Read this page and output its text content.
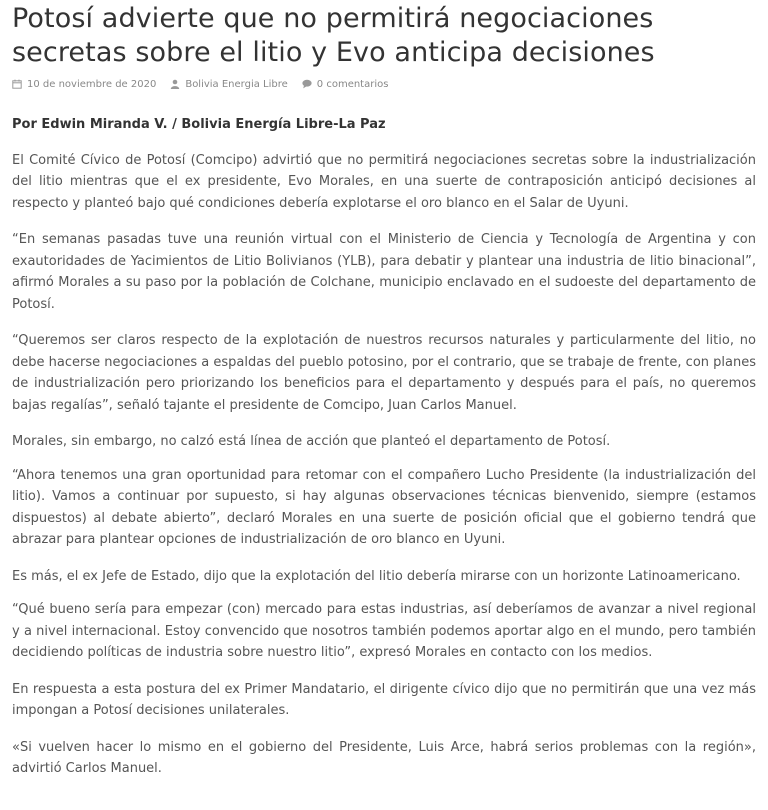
Potosí advierte que no permitirá negociaciones
secretas sobre el litio y Evo anticipa decisiones
10 de noviembre de 2020	Bolivia Energia Libre	0 comentarios

Por Edwin Miranda V. / Bolivia Energía Libre-La Paz

El Comité Cívico de Potosí (Comcipo) advirtió que no permitirá negociaciones secretas sobre la industrialización del litio mientras que el ex presidente, Evo Morales, en una suerte de contraposición anticipó decisiones al respecto y planteó bajo qué condiciones debería explotarse el oro blanco en el Salar de Uyuni.

“En semanas pasadas tuve una reunión virtual con el Ministerio de Ciencia y Tecnología de Argentina y con exautoridades de Yacimientos de Litio Bolivianos (YLB), para debatir y plantear una industria de litio binacional”, afirmó Morales a su paso por la población de Colchane, municipio enclavado en el sudoeste del departamento de Potosí.

“Queremos ser claros respecto de la explotación de nuestros recursos naturales y particularmente del litio, no debe hacerse negociaciones a espaldas del pueblo potosino, por el contrario, que se trabaje de frente, con planes de industrialización pero priorizando los beneficios para el departamento y después para el país, no queremos bajas regalías”, señaló tajante el presidente de Comcipo, Juan Carlos Manuel.

Morales, sin embargo, no calzó está línea de acción que planteó el departamento de Potosí.

“Ahora tenemos una gran oportunidad para retomar con el compañero Lucho Presidente (la industrialización del litio). Vamos a continuar por supuesto, si hay algunas observaciones técnicas bienvenido, siempre (estamos dispuestos) al debate abierto”, declaró Morales en una suerte de posición oficial que el gobierno tendrá que abrazar para plantear opciones de industrialización de oro blanco en Uyuni.

Es más, el ex Jefe de Estado, dijo que la explotación del litio debería mirarse con un horizonte Latinoamericano.

“Qué bueno sería para empezar (con) mercado para estas industrias, así deberíamos de avanzar a nivel regional y a nivel internacional. Estoy convencido que nosotros también podemos aportar algo en el mundo, pero también decidiendo políticas de industria sobre nuestro litio”, expresó Morales en contacto con los medios.

En respuesta a esta postura del ex Primer Mandatario, el dirigente cívico dijo que no permitirán que una vez más impongan a Potosí decisiones unilaterales.

«Si vuelven hacer lo mismo en el gobierno del Presidente, Luis Arce, habrá serios problemas con la región», advirtió Carlos Manuel.
